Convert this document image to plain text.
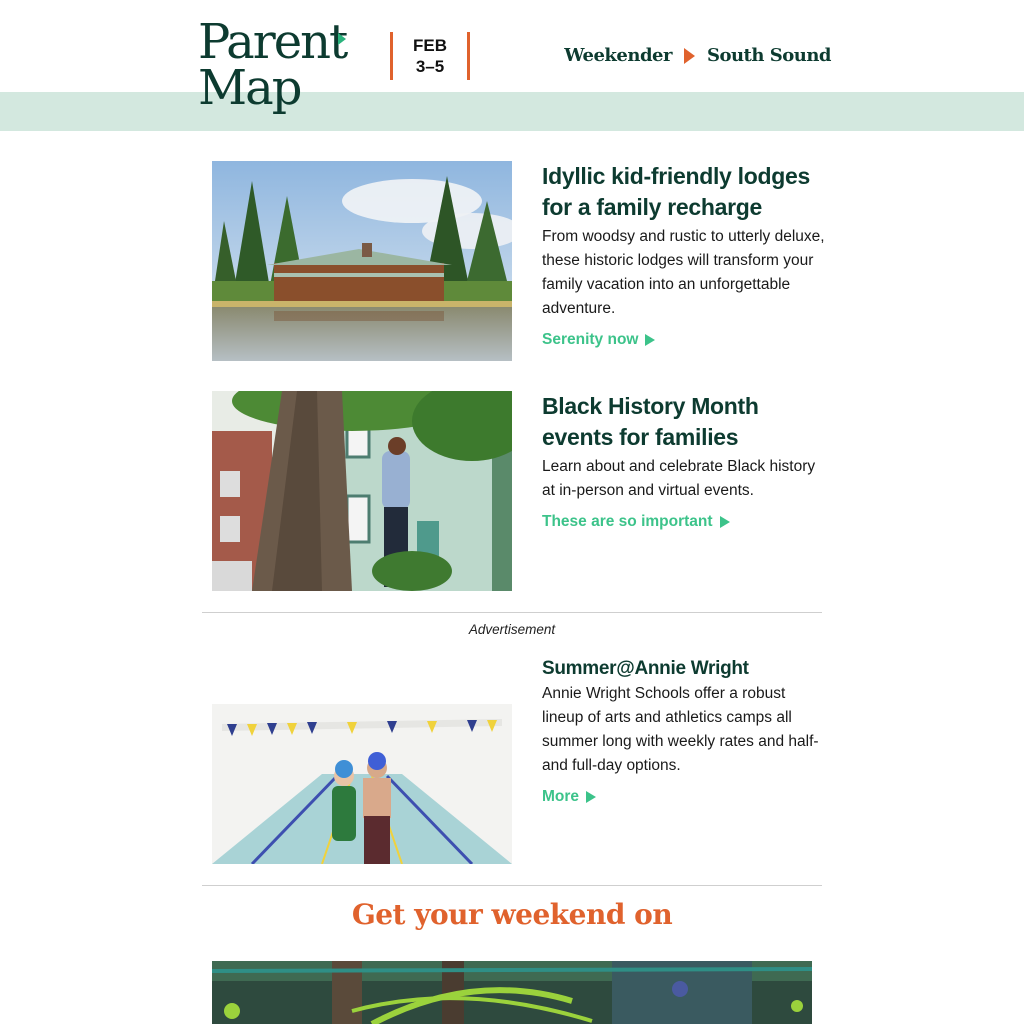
Parent
Map
FEB
3–5
Weekender South Sound
Idyllic kid-friendly lodges for a family recharge

From woodsy and rustic to utterly deluxe, these historic lodges will transform your family vacation into an unforgettable adventure.

Serenity now
Black History Month events for families

Learn about and celebrate Black history at in-person and virtual events.

These are so important
Advertisement
Summer@Annie Wright

Annie Wright Schools offer a robust lineup of arts and athletics camps all summer long with weekly rates and half- and full-day options.

More
Get your weekend on
